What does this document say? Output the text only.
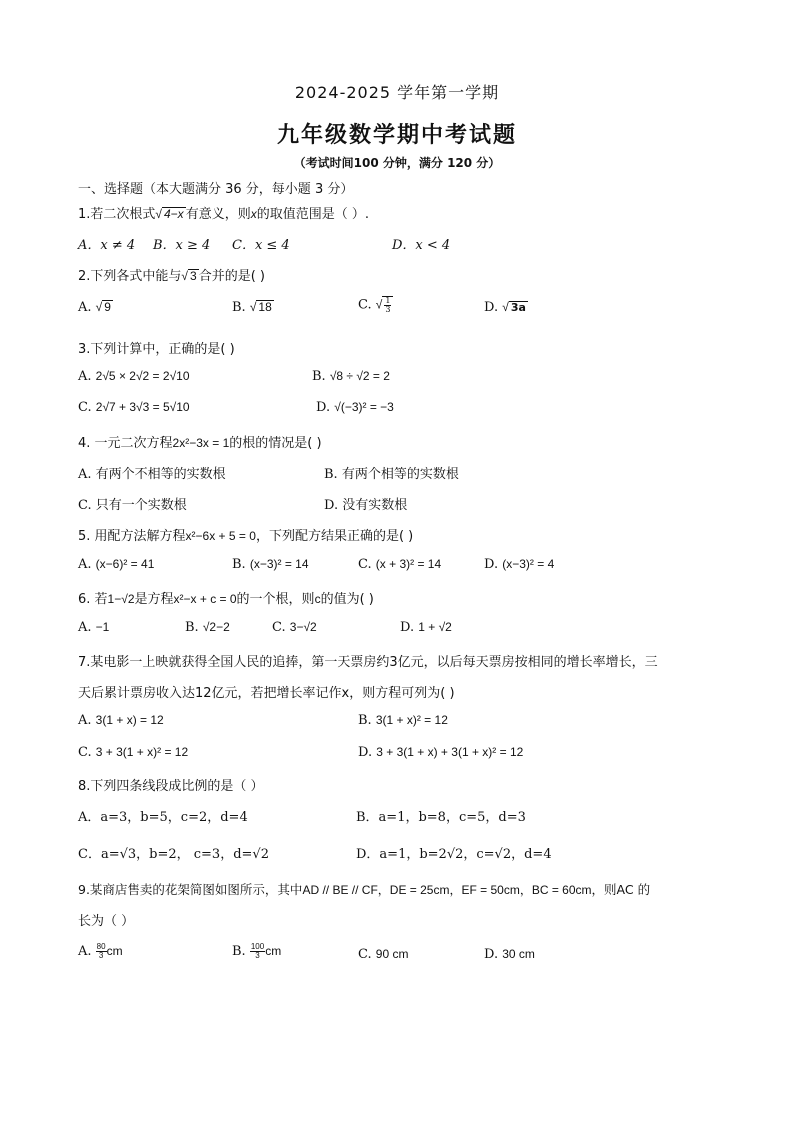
2024-2025 学年第一学期
九年级数学期中考试题
（考试时间100 分钟，满分 120 分）
一、选择题（本大题满分 36 分，每小题 3 分）
1.若二次根式√ 4−x 有意义，则x的取值范围是（ ）.
A．x ≠ 4 B．x ≥ 4 C．x ≤ 4	D．x < 4
2.下列各式中能与√ 3 合并的是( )
A. √ 9	B. √ 18	C. √ $\frac{1}{3}$	D. √ 3a
3.下列计算中，正确的是( )
A. 2√5 × 2√2 = 2√10	B. √8 ÷ √2 = 2
C. 2√7 + 3√3 = 5√10	D. √(−3)² = −3
4. 一元二次方程2x²−3x = 1的根的情况是( )
A. 有两个不相等的实数根	B. 有两个相等的实数根
C. 只有一个实数根	D. 没有实数根
5. 用配方法解方程x²−6x + 5 = 0，下列配方结果正确的是( )
A. (x−6)² = 41	B. (x−3)² = 14	C. (x + 3)² = 14	D. (x−3)² = 4
6. 若1−√2是方程x²−x + c = 0的一个根，则c的值为( )
A. −1	B. √2−2	C. 3−√2	D. 1 + √2
7.某电影一上映就获得全国人民的追捧，第一天票房约3亿元，以后每天票房按相同的增长率增长，三
天后累计票房收入达12亿元，若把增长率记作x，则方程可列为( )
A. 3(1 + x) = 12	B. 3(1 + x)² = 12
C. 3 + 3(1 + x)² = 12	D. 3 + 3(1 + x) + 3(1 + x)² = 12
8.下列四条线段成比例的是（ ）
A．a=3，b=5，c=2，d=4	B．a=1，b=8，c=5，d=3
C．a=√3，b=2， c=3，d=√2	D．a=1，b=2√2，c=√2，d=4
9.某商店售卖的花架简图如图所示，其中AD // BE // CF，DE = 25cm，EF = 50cm，BC = 60cm，则AC 的
长为（ ）
A. $\frac{80}{3}$ cm	B. $\frac{100}{3}$ cm	C. 90 cm	D. 30 cm
